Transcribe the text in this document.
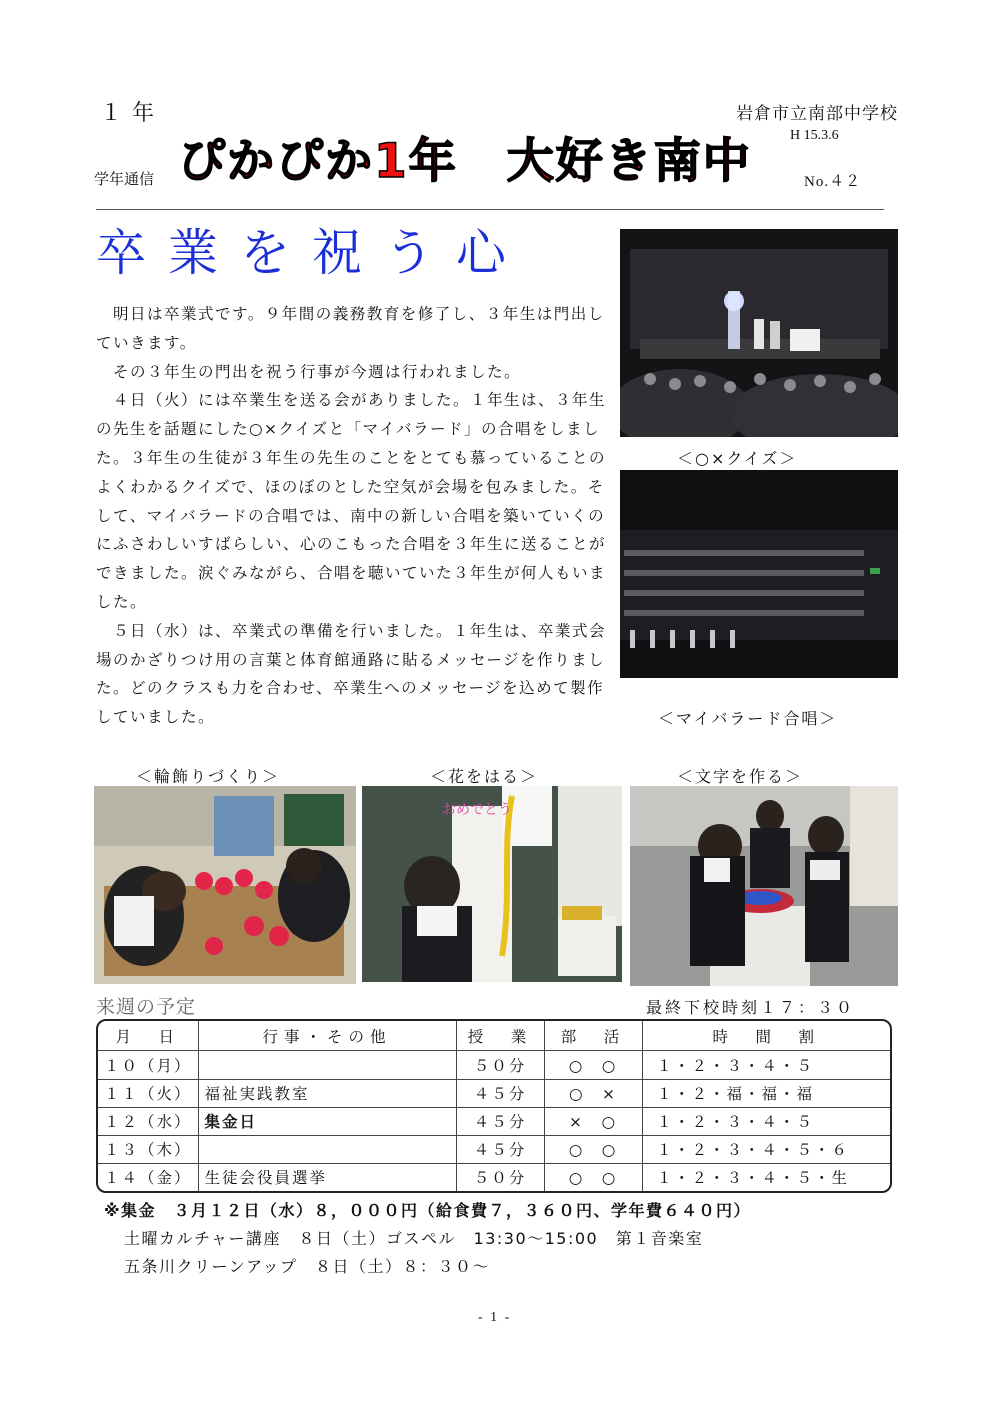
１年	岩倉市立南部中学校
H 15.3.6
学年通信 ぴかぴか1年　大好き南中	No.４２
卒業を祝う心

　明日は卒業式です。９年間の義務教育を修了し、３年生は門出していきます。

　その３年生の門出を祝う行事が今週は行われました。

　４日（火）には卒業生を送る会がありました。１年生は、３年生の先生を話題にした○×クイズと「マイバラード」の合唱をしました。３年生の生徒が３年生の先生のことをとても慕っていることのよくわかるクイズで、ほのぼのとした空気が会場を包みました。そして、マイバラードの合唱では、南中の新しい合唱を築いていくのにふさわしいすばらしい、心のこもった合唱を３年生に送ることができました。涙ぐみながら、合唱を聴いていた３年生が何人もいました。

　５日（水）は、卒業式の準備を行いました。１年生は、卒業式会場のかざりつけ用の言葉と体育館通路に貼るメッセージを作りました。どのクラスも力を合わせ、卒業生へのメッセージを込めて製作していました。

＜○×クイズ＞
＜マイバラード合唱＞
＜輪飾りづくり＞	＜花をはる＞	＜文字を作る＞
おめでとう
来週の予定	最終下校時刻１７：３０
月　日	行事・その他	授　業	部　活	時　間　割
１０（月）		５０分	○　○	１・２・３・４・５
１１（火）	福祉実践教室	４５分	○　×	１・２・福・福・福
１２（水）	集金日	４５分	×　○	１・２・３・４・５
１３（木）		４５分	○　○	１・２・３・４・５・６
１４（金）	生徒会役員選挙	５０分	○　○	１・２・３・４・５・生
※集金　３月１２日（水）８，０００円（給食費７，３６０円、学年費６４０円）
土曜カルチャー講座　８日（土）ゴスペル　13:30～15:00　第１音楽室
五条川クリーンアップ　８日（土）８：３０～
- 1 -
